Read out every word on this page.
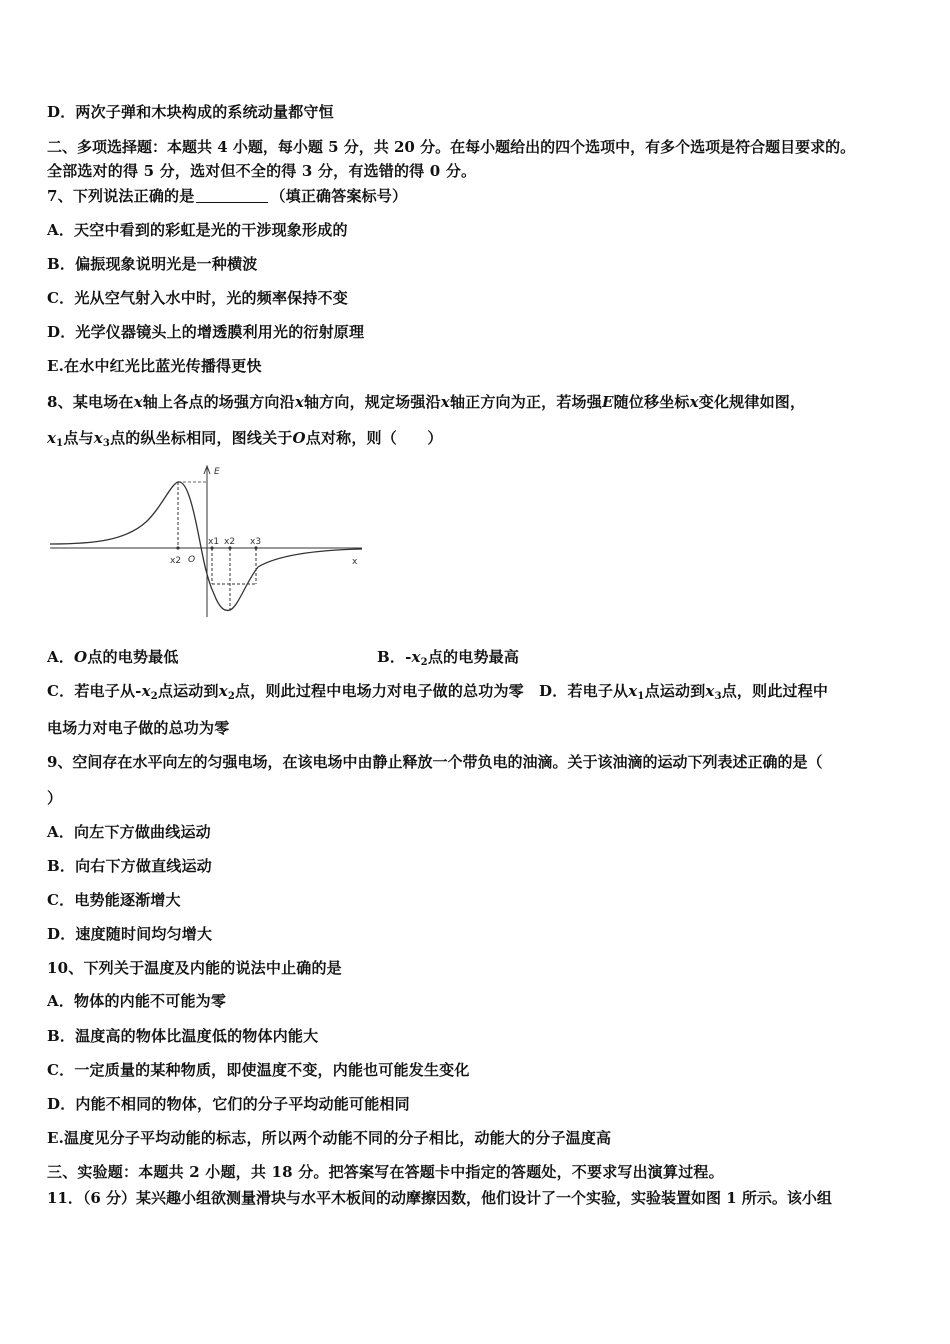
D．两次子弹和木块构成的系统动量都守恒
二、多项选择题：本题共 4 小题，每小题 5 分，共 20 分。在每小题给出的四个选项中，有多个选项是符合题目要求的。
全部选对的得 5 分，选对但不全的得 3 分，有选错的得 0 分。
7、下列说法正确的是	（填正确答案标号）
A．天空中看到的彩虹是光的干涉现象形成的
B．偏振现象说明光是一种横波
C．光从空气射入水中时，光的频率保持不变
D．光学仪器镜头上的增透膜利用光的衍射原理
E.在水中红光比蓝光传播得更快
8、某电场在x轴上各点的场强方向沿x轴方向，规定场强沿x轴正方向为正，若场强E随位移坐标x变化规律如图，
$x_1$点与$x_3$点的纵坐标相同，图线关于O点对称，则（　　）
x
E
O
x2
x1 x2 x3
A．O点的电势最低	B．$-x_2$点的电势最高
C．若电子从$-x_2$点运动到$x_2$点，则此过程中电场力对电子做的总功为零　D．若电子从$x_1$点运动到$x_3$点，则此过程中
电场力对电子做的总功为零
9、空间存在水平向左的匀强电场，在该电场中由静止释放一个带负电的油滴。关于该油滴的运动下列表述正确的是（
）
A．向左下方做曲线运动
B．向右下方做直线运动
C．电势能逐渐增大
D．速度随时间均匀增大
10、下列关于温度及内能的说法中止确的是
A．物体的内能不可能为零
B．温度高的物体比温度低的物体内能大
C．一定质量的某种物质，即使温度不变，内能也可能发生变化
D．内能不相同的物体，它们的分子平均动能可能相同
E.温度见分子平均动能的标志，所以两个动能不同的分子相比，动能大的分子温度高
三、实验题：本题共 2 小题，共 18 分。把答案写在答题卡中指定的答题处，不要求写出演算过程。
11．（6 分）某兴趣小组欲测量滑块与水平木板间的动摩擦因数，他们设计了一个实验，实验装置如图 1 所示。该小组
